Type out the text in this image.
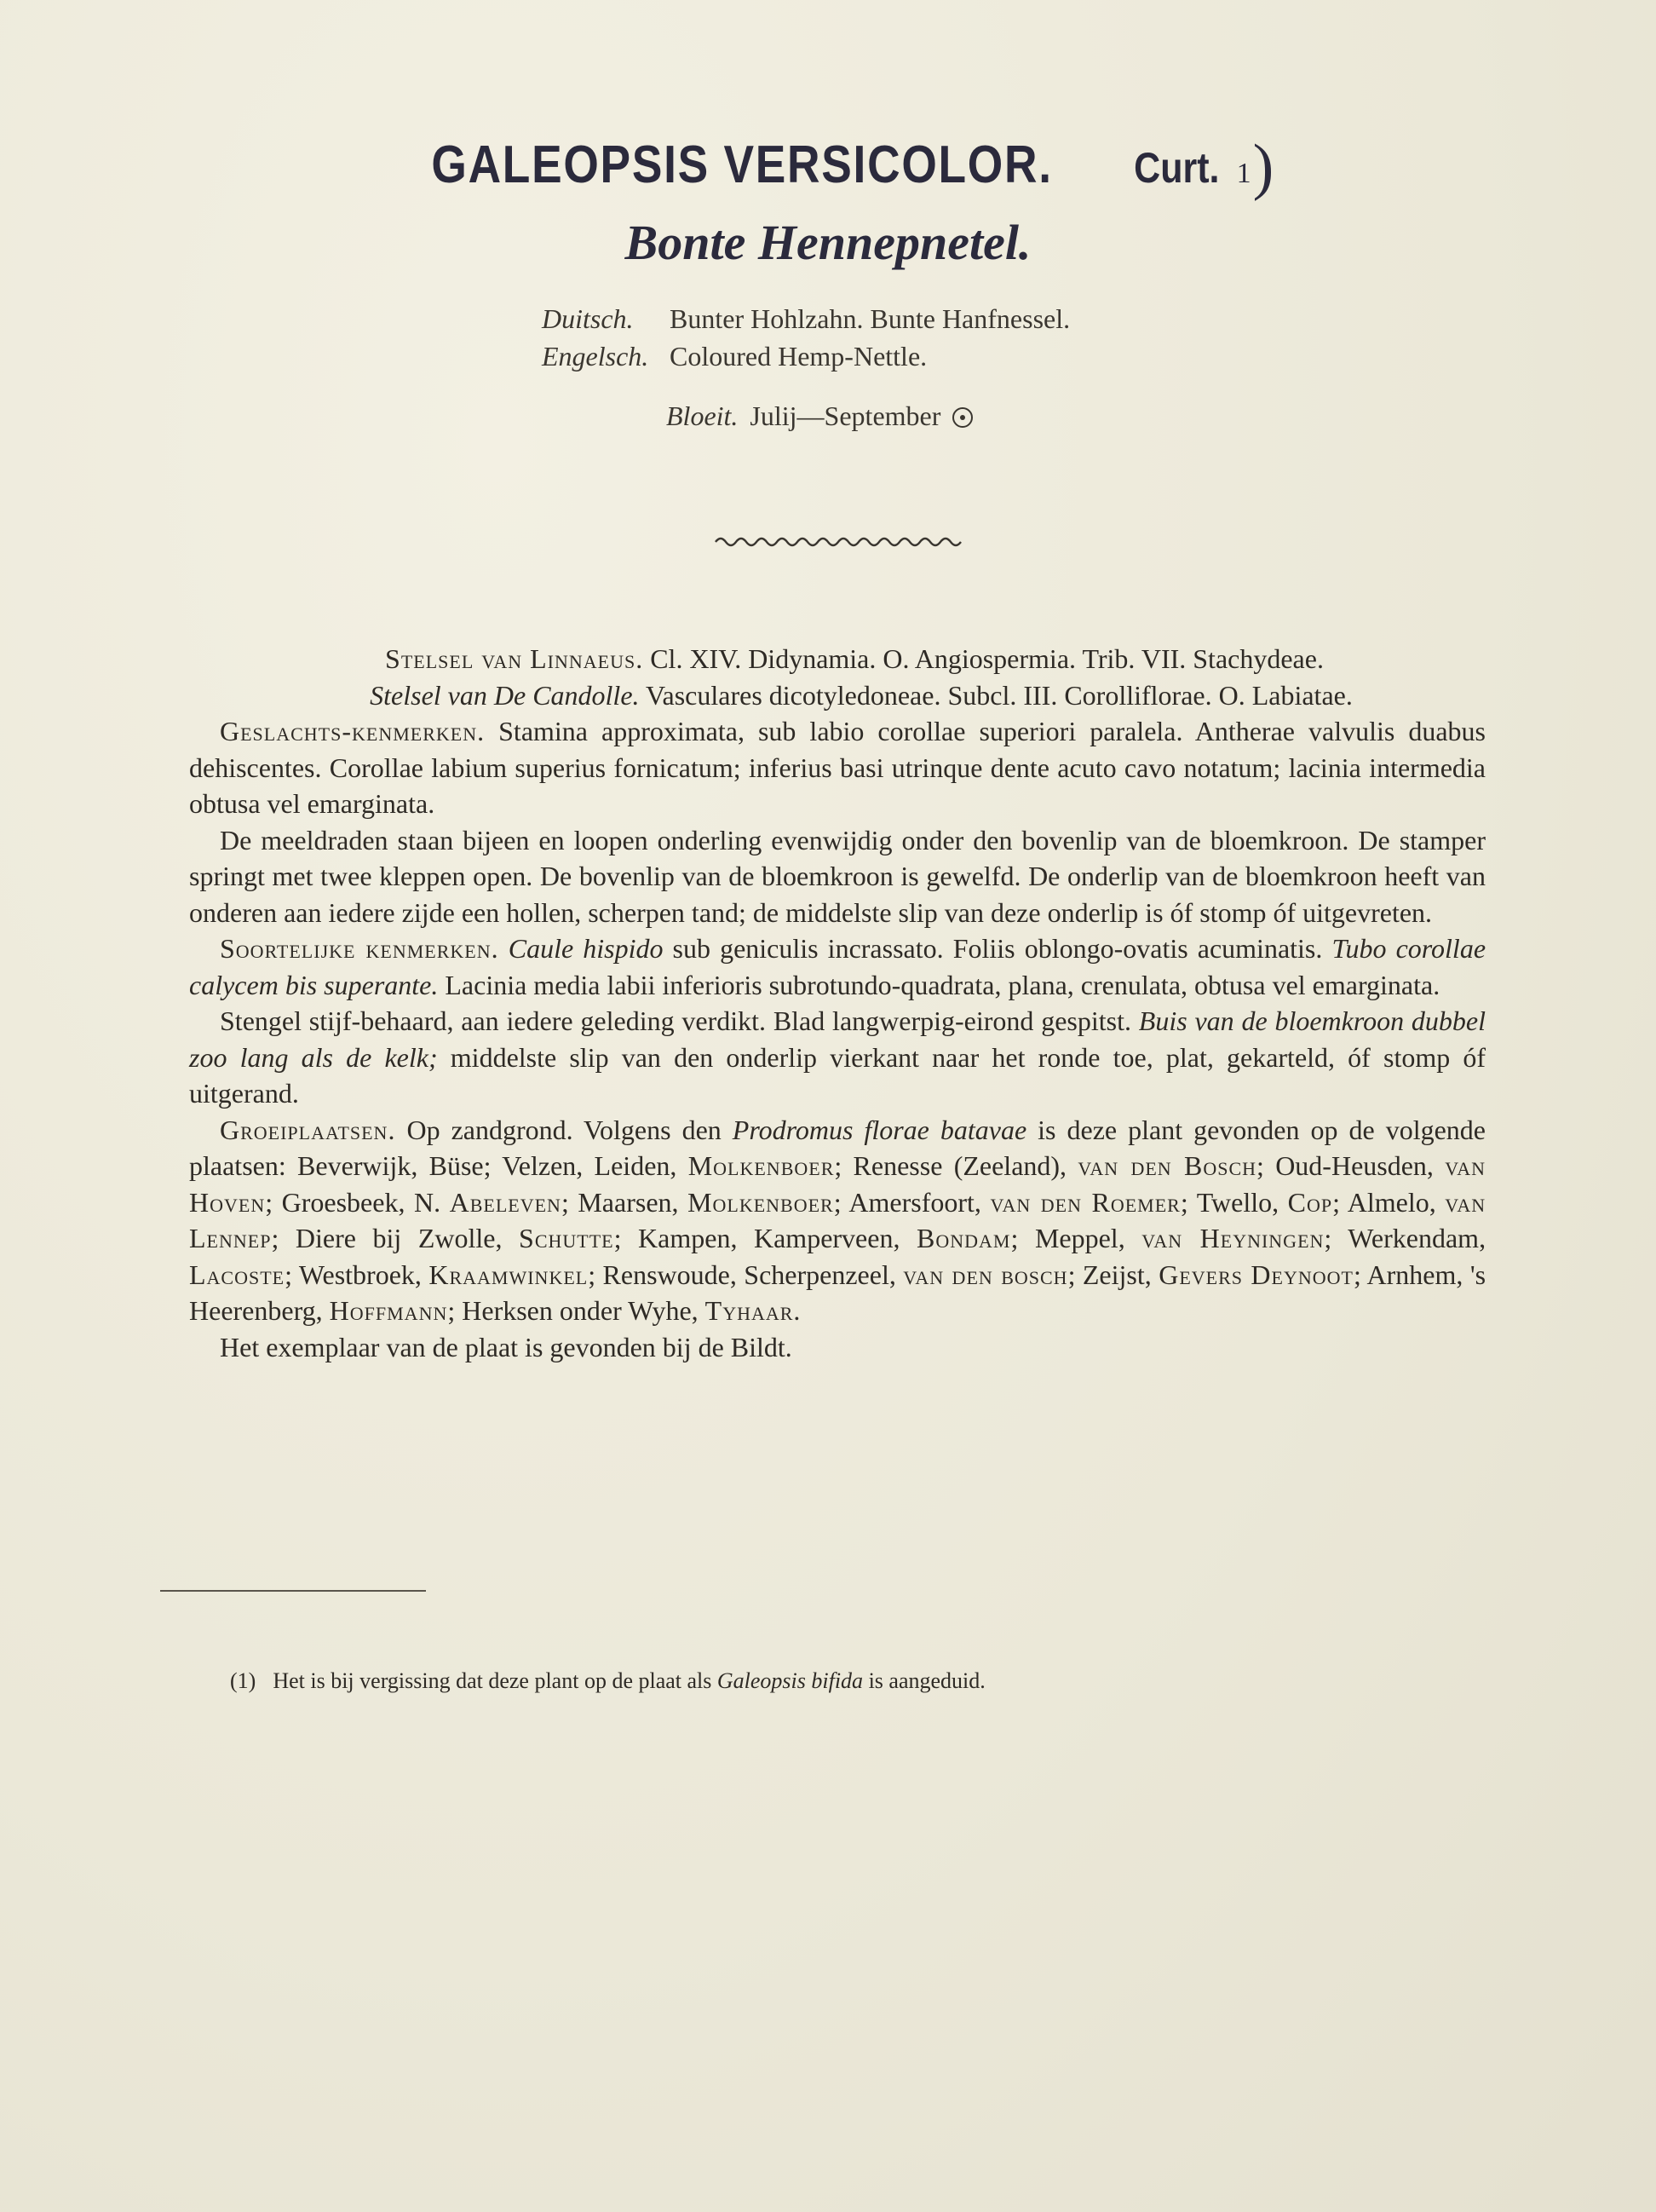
GALEOPSIS VERSICOLOR. Curt. 1)
Bonte Hennepnetel.
Duitsch. Bunter Hohlzahn. Bunte Hanfnessel.
Engelsch. Coloured Hemp-Nettle.
Bloeit. Julij—September

Stelsel van Linnaeus. Cl. XIV. Didynamia. O. Angiospermia. Trib. VII. Stachydeae.

Stelsel van De Candolle. Vasculares dicotyledoneae. Subcl. III. Corolliflorae. O. Labiatae.

Geslachts-kenmerken. Stamina approximata, sub labio corollae superiori paralela. Antherae valvulis duabus dehiscentes. Corollae labium superius fornicatum; inferius basi utrinque dente acuto cavo notatum; lacinia intermedia obtusa vel emarginata.

De meeldraden staan bijeen en loopen onderling evenwijdig onder den bovenlip van de bloemkroon. De stamper springt met twee kleppen open. De bovenlip van de bloemkroon is gewelfd. De onderlip van de bloemkroon heeft van onderen aan iedere zijde een hollen, scherpen tand; de middelste slip van deze onderlip is óf stomp óf uitgevreten.

Soortelijke kenmerken. Caule hispido sub geniculis incrassato. Foliis oblongo-ovatis acuminatis. Tubo corollae calycem bis superante. Lacinia media labii inferioris subrotundo-quadrata, plana, crenulata, obtusa vel emarginata.

Stengel stijf-behaard, aan iedere geleding verdikt. Blad langwerpig-eirond gespitst. Buis van de bloemkroon dubbel zoo lang als de kelk; middelste slip van den onderlip vierkant naar het ronde toe, plat, gekarteld, óf stomp óf uitgerand.

Groeiplaatsen. Op zandgrond. Volgens den Prodromus florae batavae is deze plant gevonden op de volgende plaatsen: Beverwijk, Büse; Velzen, Leiden, Molkenboer; Renesse (Zeeland), van den Bosch; Oud-Heusden, van Hoven; Groesbeek, N. Abeleven; Maarsen, Molkenboer; Amersfoort, van den Roemer; Twello, Cop; Almelo, van Lennep; Diere bij Zwolle, Schutte; Kampen, Kamperveen, Bondam; Meppel, van Heyningen; Werkendam, Lacoste; Westbroek, Kraamwinkel; Renswoude, Scherpenzeel, van den bosch; Zeijst, Gevers Deynoot; Arnhem, 's Heerenberg, Hoffmann; Herksen onder Wyhe, Tyhaar.

Het exemplaar van de plaat is gevonden bij de Bildt.

(1) Het is bij vergissing dat deze plant op de plaat als Galeopsis bifida is aangeduid.
